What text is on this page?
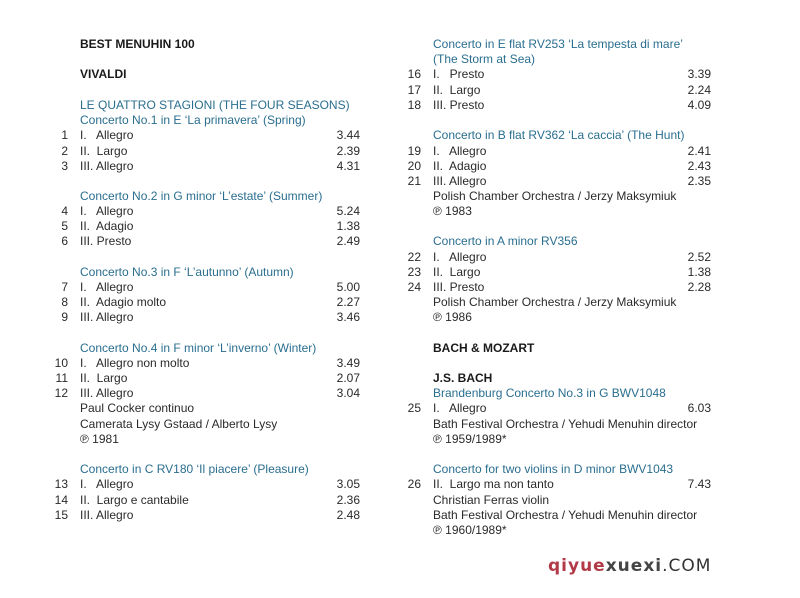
BEST MENUHIN 100
VIVALDI
LE QUATTRO STAGIONI (THE FOUR SEASONS)
Concerto No.1 in E ‘La primavera’ (Spring)
1 I.   Allegro	3.44
2 II.  Largo	2.39
3 III. Allegro	4.31
Concerto No.2 in G minor ‘L’estate’ (Summer)
4 I.   Allegro	5.24
5 II.  Adagio	1.38
6 III. Presto	2.49
Concerto No.3 in F ‘L’autunno’ (Autumn)
7 I.   Allegro	5.00
8 II.  Adagio molto	2.27
9 III. Allegro	3.46
Concerto No.4 in F minor ‘L’inverno’ (Winter)
10 I.   Allegro non molto	3.49
11 II.  Largo	2.07
12 III. Allegro	3.04
Paul Cocker continuo
Camerata Lysy Gstaad / Alberto Lysy
℗ 1981
Concerto in C RV180 ‘Il piacere’ (Pleasure)
13 I.   Allegro	3.05
14 II.  Largo e cantabile	2.36
15 III. Allegro	2.48
Concerto in E flat RV253 ‘La tempesta di mare’
(The Storm at Sea)
16 I.   Presto	3.39
17 II.  Largo	2.24
18 III. Presto	4.09
Concerto in B flat RV362 ‘La caccia’ (The Hunt)
19 I.   Allegro	2.41
20 II.  Adagio	2.43
21 III. Allegro	2.35
Polish Chamber Orchestra / Jerzy Maksymiuk
℗ 1983
Concerto in A minor RV356
22 I.   Allegro	2.52
23 II.  Largo	1.38
24 III. Presto	2.28
Polish Chamber Orchestra / Jerzy Maksymiuk
℗ 1986
BACH & MOZART
J.S. BACH
Brandenburg Concerto No.3 in G BWV1048
25 I.   Allegro	6.03
Bath Festival Orchestra / Yehudi Menuhin director
℗ 1959/1989*
Concerto for two violins in D minor BWV1043
26 II.  Largo ma non tanto	7.43
Christian Ferras violin
Bath Festival Orchestra / Yehudi Menuhin director
℗ 1960/1989*
qiyuexuexi.COM
